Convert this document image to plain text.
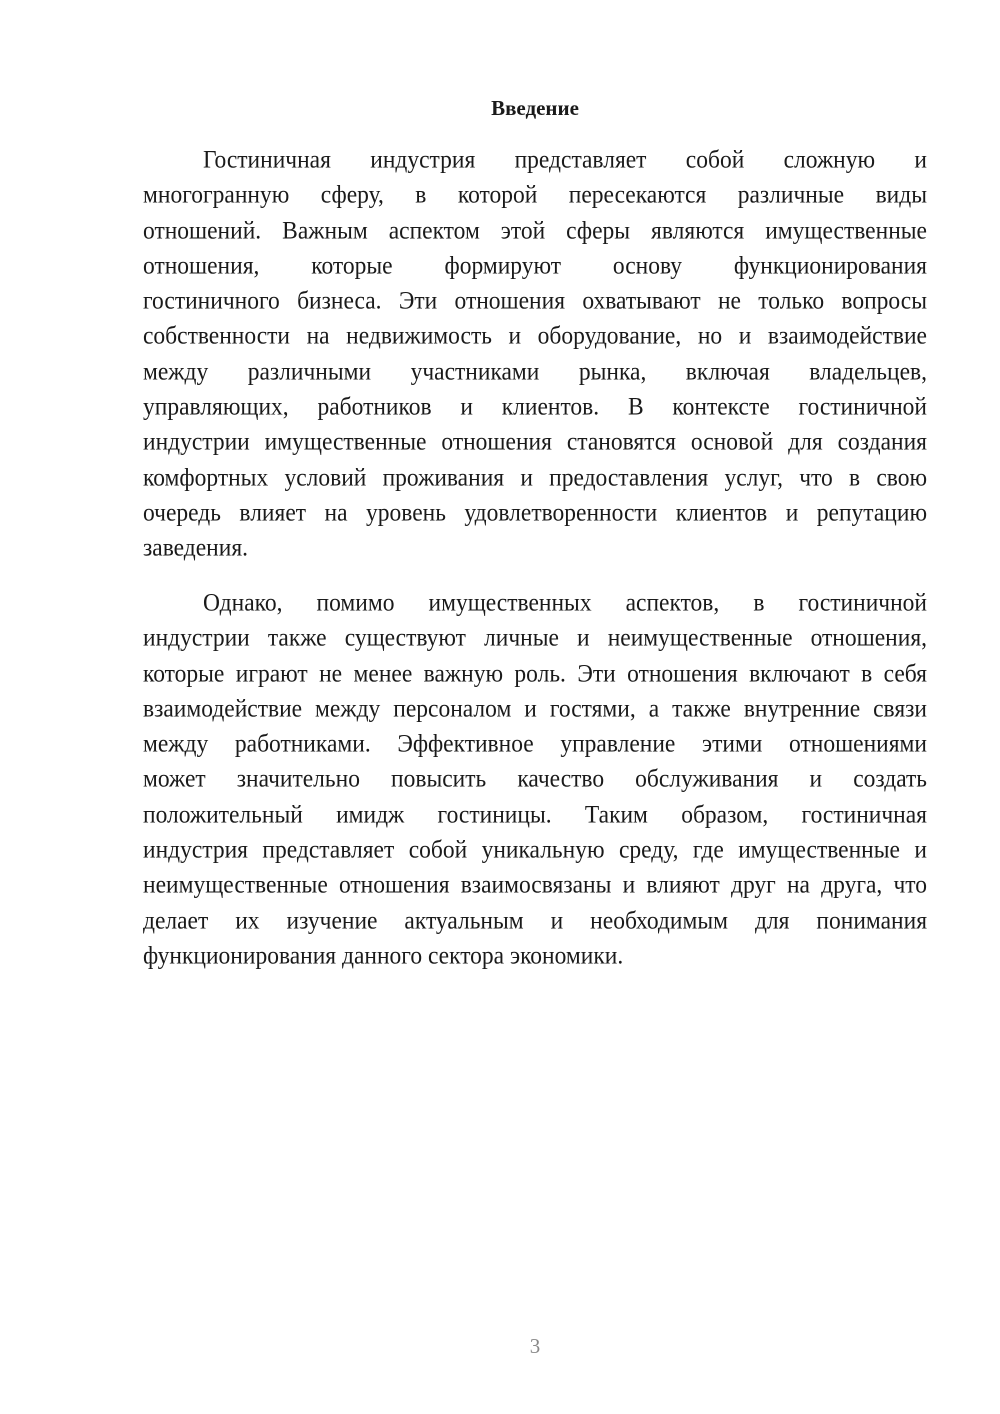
Введение
Гостиничная индустрия представляет собой сложную и
многогранную сферу, в которой пересекаются различные виды
отношений. Важным аспектом этой сферы являются имущественные
отношения, которые формируют основу функционирования
гостиничного бизнеса. Эти отношения охватывают не только вопросы
собственности на недвижимость и оборудование, но и взаимодействие
между различными участниками рынка, включая владельцев,
управляющих, работников и клиентов. В контексте гостиничной
индустрии имущественные отношения становятся основой для создания
комфортных условий проживания и предоставления услуг, что в свою
очередь влияет на уровень удовлетворенности клиентов и репутацию
заведения.
Однако, помимо имущественных аспектов, в гостиничной
индустрии также существуют личные и неимущественные отношения,
которые играют не менее важную роль. Эти отношения включают в себя
взаимодействие между персоналом и гостями, а также внутренние связи
между работниками. Эффективное управление этими отношениями
может значительно повысить качество обслуживания и создать
положительный имидж гостиницы. Таким образом, гостиничная
индустрия представляет собой уникальную среду, где имущественные и
неимущественные отношения взаимосвязаны и влияют друг на друга, что
делает их изучение актуальным и необходимым для понимания
функционирования данного сектора экономики.
3
